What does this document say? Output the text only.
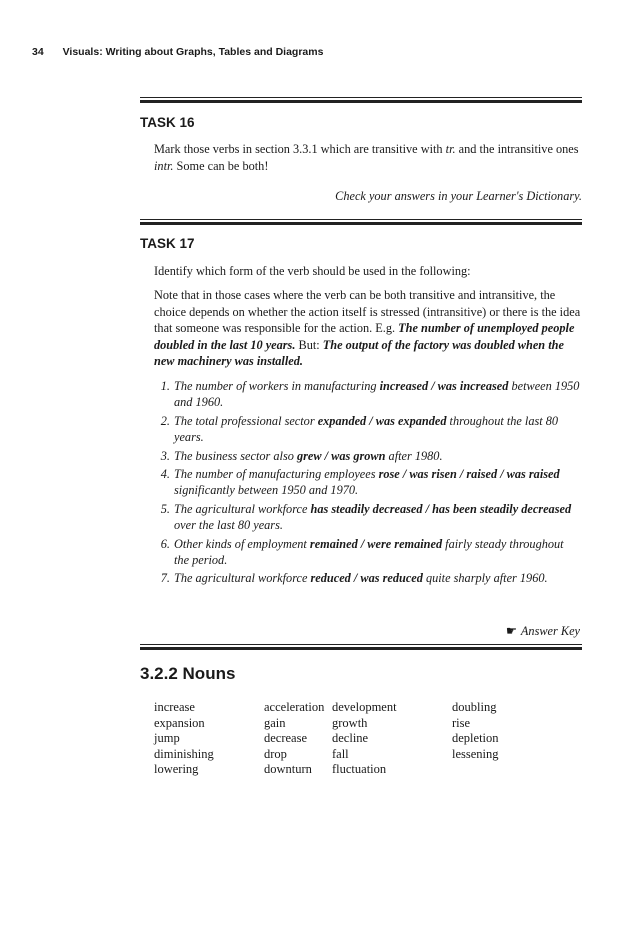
34 Visuals: Writing about Graphs, Tables and Diagrams
TASK 16
Mark those verbs in section 3.3.1 which are transitive with tr. and the intransitive ones intr. Some can be both!
Check your answers in your Learner's Dictionary.
TASK 17
Identify which form of the verb should be used in the following:
Note that in those cases where the verb can be both transitive and intransitive, the choice depends on whether the action itself is stressed (intransitive) or there is the idea that someone was responsible for the action. E.g. The number of unemployed people doubled in the last 10 years. But: The output of the factory was doubled when the new machinery was installed.
1. The number of workers in manufacturing increased / was increased between 1950 and 1960.
2. The total professional sector expanded / was expanded throughout the last 80 years.
3. The business sector also grew / was grown after 1980.
4. The number of manufacturing employees rose / was risen / raised / was raised significantly between 1950 and 1970.
5. The agricultural workforce has steadily decreased / has been steadily decreased over the last 80 years.
6. Other kinds of employment remained / were remained fairly steady throughout the period.
7. The agricultural workforce reduced / was reduced quite sharply after 1960.
☛ Answer Key
3.2.2 Nouns
increase
expansion
jump
diminishing
lowering
acceleration
gain
decrease
drop
downturn
development
growth
decline
fall
fluctuation
doubling
rise
depletion
lessening
